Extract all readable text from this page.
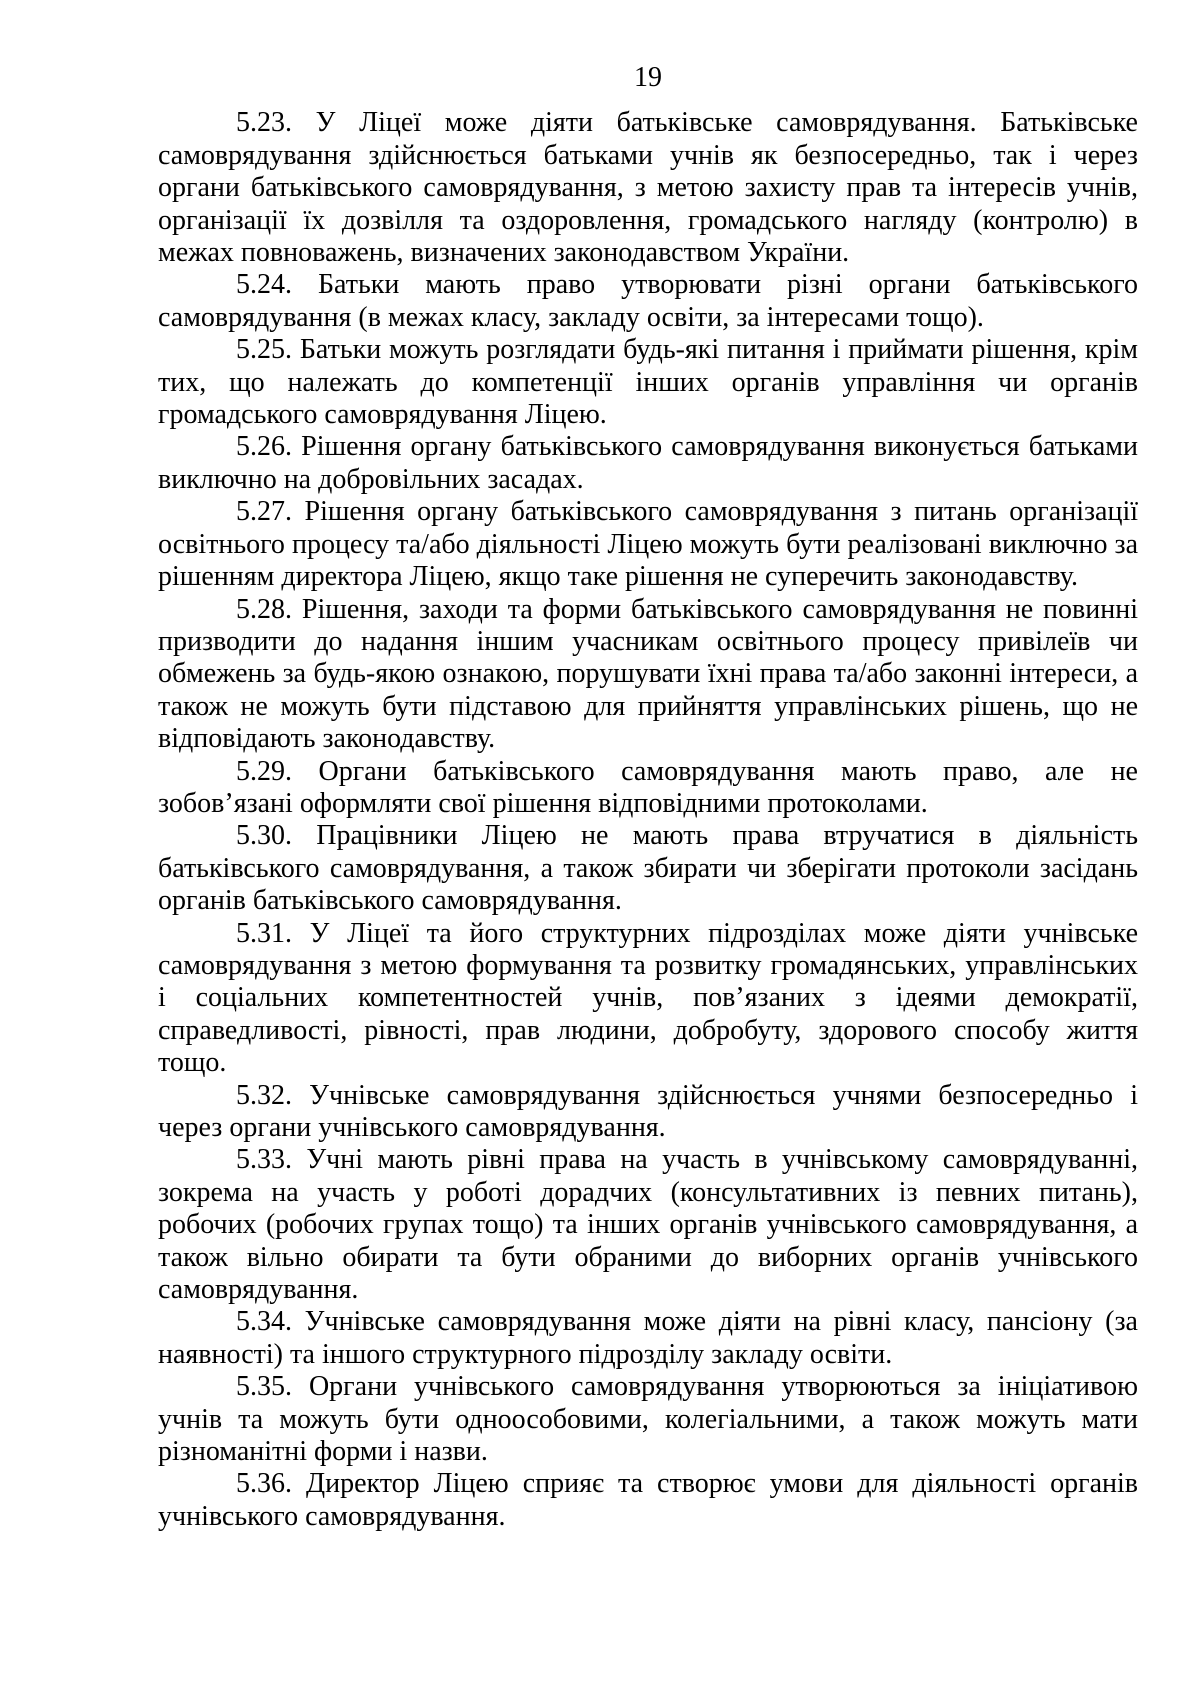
19

5.23. У Ліцеї може діяти батьківське самоврядування. Батьківське самоврядування здійснюється батьками учнів як безпосередньо, так і через органи батьківського самоврядування, з метою захисту прав та інтересів учнів, організації їх дозвілля та оздоровлення, громадського нагляду (контролю) в межах повноважень, визначених законодавством України.

5.24. Батьки мають право утворювати різні органи батьківського самоврядування (в межах класу, закладу освіти, за інтересами тощо).

5.25. Батьки можуть розглядати будь-які питання і приймати рішення, крім тих, що належать до компетенції інших органів управління чи органів громадського самоврядування Ліцею.

5.26. Рішення органу батьківського самоврядування виконується батьками виключно на добровільних засадах.

5.27. Рішення органу батьківського самоврядування з питань організації освітнього процесу та/або діяльності Ліцею можуть бути реалізовані виключно за рішенням директора Ліцею, якщо таке рішення не суперечить законодавству.

5.28. Рішення, заходи та форми батьківського самоврядування не повинні призводити до надання іншим учасникам освітнього процесу привілеїв чи обмежень за будь-якою ознакою, порушувати їхні права та/або законні інтереси, а також не можуть бути підставою для прийняття управлінських рішень, що не відповідають законодавству.

5.29. Органи батьківського самоврядування мають право, але не зобов’язані оформляти свої рішення відповідними протоколами.

5.30. Працівники Ліцею не мають права втручатися в діяльність батьківського самоврядування, а також збирати чи зберігати протоколи засідань органів батьківського самоврядування.

5.31. У Ліцеї та його структурних підрозділах може діяти учнівське самоврядування з метою формування та розвитку громадянських, управлінських і соціальних компетентностей учнів, пов’язаних з ідеями демократії, справедливості, рівності, прав людини, добробуту, здорового способу життя тощо.

5.32. Учнівське самоврядування здійснюється учнями безпосередньо і через органи учнівського самоврядування.

5.33. Учні мають рівні права на участь в учнівському самоврядуванні, зокрема на участь у роботі дорадчих (консультативних із певних питань), робочих (робочих групах тощо) та інших органів учнівського самоврядування, а також вільно обирати та бути обраними до виборних органів учнівського самоврядування.

5.34. Учнівське самоврядування може діяти на рівні класу, пансіону (за наявності) та іншого структурного підрозділу закладу освіти.

5.35. Органи учнівського самоврядування утворюються за ініціативою учнів та можуть бути одноособовими, колегіальними, а також можуть мати різноманітні форми і назви.

5.36. Директор Ліцею сприяє та створює умови для діяльності органів учнівського самоврядування.
